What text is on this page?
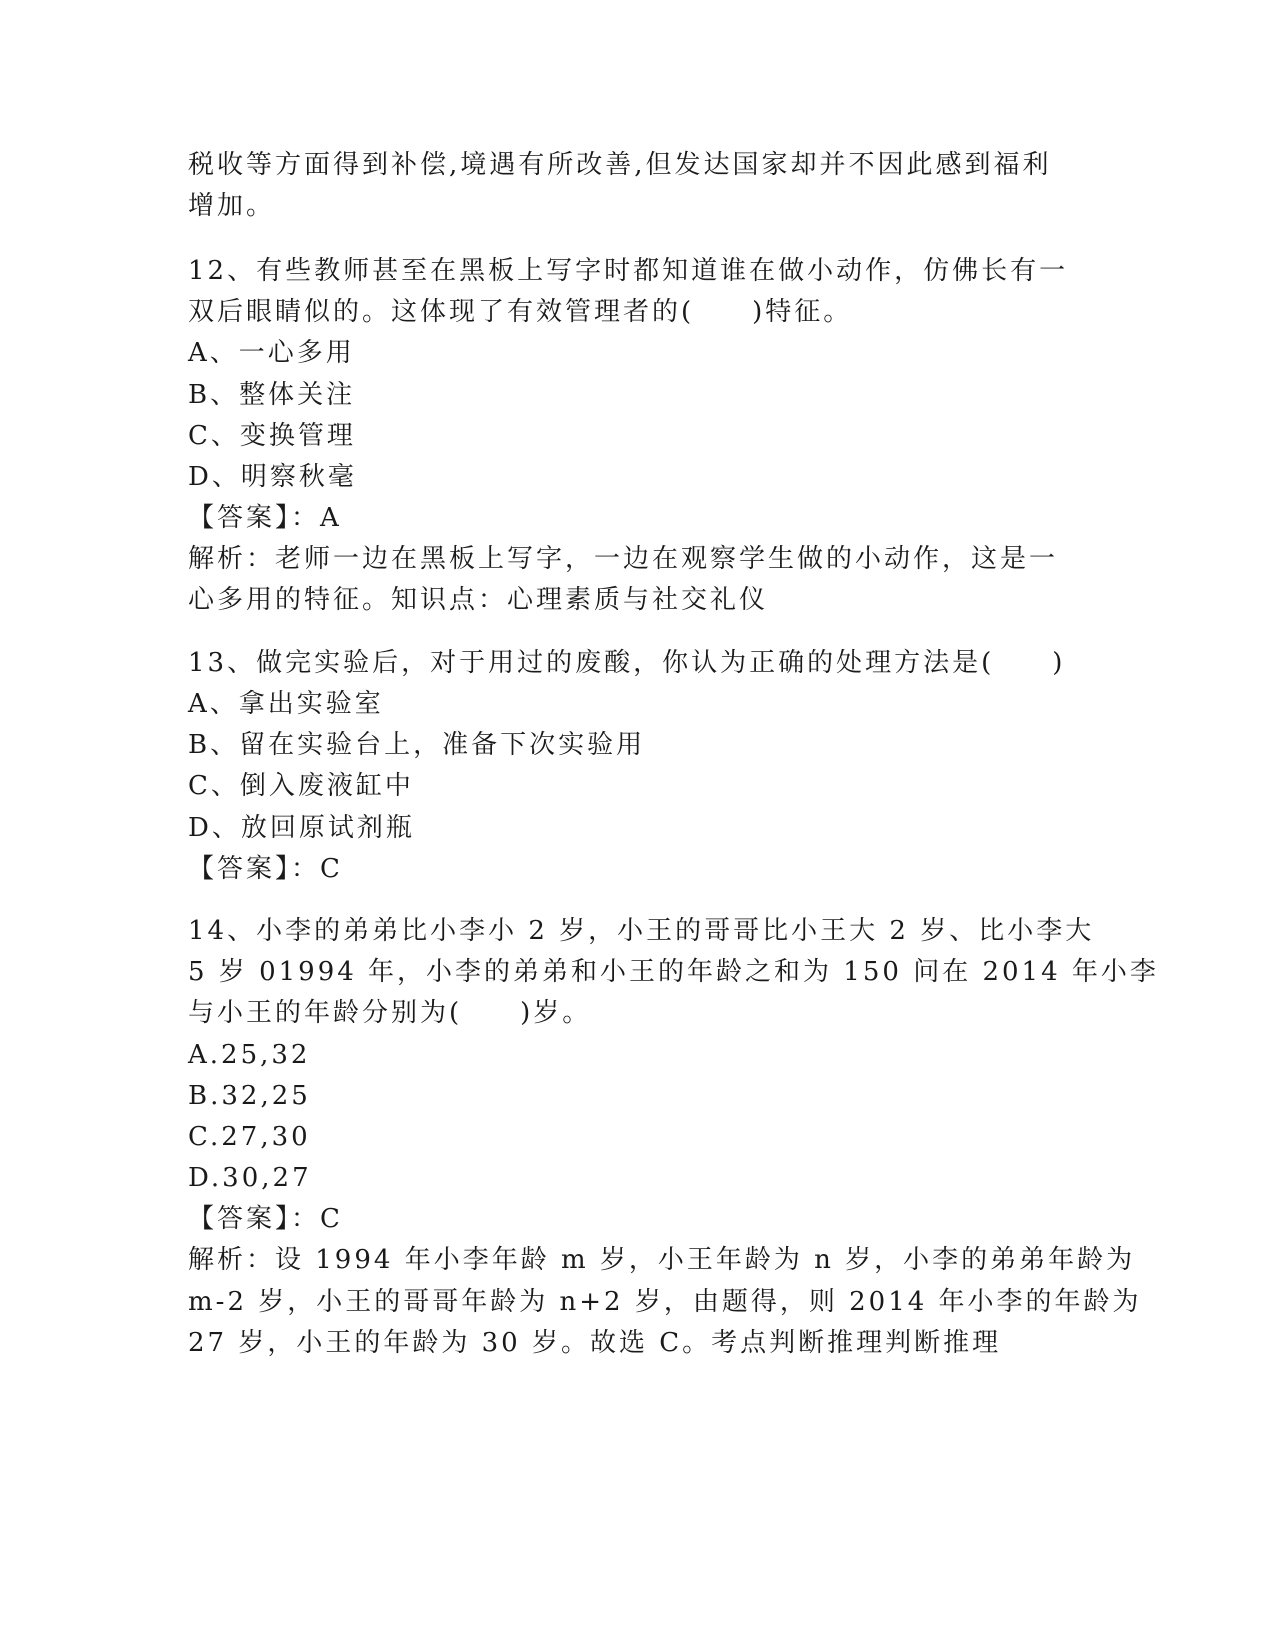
税收等方面得到补偿,境遇有所改善,但发达国家却并不因此感到福利
增加。
12、有些教师甚至在黑板上写字时都知道谁在做小动作，仿佛长有一
双后眼睛似的。这体现了有效管理者的(　　)特征。
A、一心多用
B、整体关注
C、变换管理
D、明察秋毫
【答案】：A
解析：老师一边在黑板上写字，一边在观察学生做的小动作，这是一
心多用的特征。知识点：心理素质与社交礼仪
13、做完实验后，对于用过的废酸，你认为正确的处理方法是(　　)
A、拿出实验室
B、留在实验台上，准备下次实验用
C、倒入废液缸中
D、放回原试剂瓶
【答案】：C
14、小李的弟弟比小李小 2 岁，小王的哥哥比小王大 2 岁、比小李大
5 岁 01994 年，小李的弟弟和小王的年龄之和为 150 问在 2014 年小李
与小王的年龄分别为(　　)岁。
A.25,32
B.32,25
C.27,30
D.30,27
【答案】：C
解析：设 1994 年小李年龄 m 岁，小王年龄为 n 岁，小李的弟弟年龄为
m-2 岁，小王的哥哥年龄为 n+2 岁，由题得，则 2014 年小李的年龄为
27 岁，小王的年龄为 30 岁。故选 C。考点判断推理判断推理
